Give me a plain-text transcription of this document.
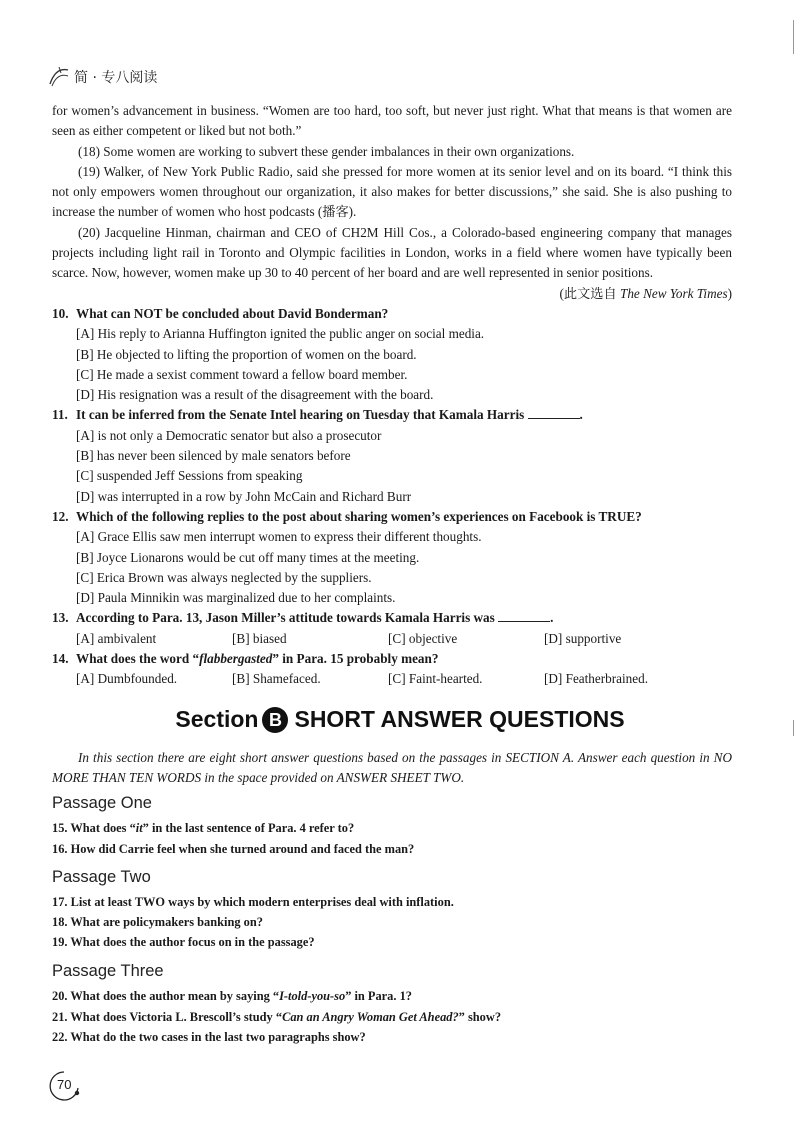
简 · 专八阅读

for women’s advancement in business. “Women are too hard, too soft, but never just right. What that means is that women are seen as either competent or liked but not both.”

(18) Some women are working to subvert these gender imbalances in their own organizations.

(19) Walker, of New York Public Radio, said she pressed for more women at its senior level and on its board. “I think this not only empowers women throughout our organization, it also makes for better discussions,” she said. She is also pushing to increase the number of women who host podcasts (播客).

(20) Jacqueline Hinman, chairman and CEO of CH2M Hill Cos., a Colorado-based engineering company that manages projects including light rail in Toronto and Olympic facilities in London, works in a field where women have typically been scarce. Now, however, women make up 30 to 40 percent of her board and are well represented in senior positions.

(此文选自 The New York Times)

10. What can NOT be concluded about David Bonderman?

[A] His reply to Arianna Huffington ignited the public anger on social media.

[B] He objected to lifting the proportion of women on the board.

[C] He made a sexist comment toward a fellow board member.

[D] His resignation was a result of the disagreement with the board.

11. It can be inferred from the Senate Intel hearing on Tuesday that Kamala Harris	.

[A] is not only a Democratic senator but also a prosecutor

[B] has never been silenced by male senators before

[C] suspended Jeff Sessions from speaking

[D] was interrupted in a row by John McCain and Richard Burr

12. Which of the following replies to the post about sharing women’s experiences on Facebook is TRUE?

[A] Grace Ellis saw men interrupt women to express their different thoughts.

[B] Joyce Lionarons would be cut off many times at the meeting.

[C] Erica Brown was always neglected by the suppliers.

[D] Paula Minnikin was marginalized due to her complaints.

13. According to Para. 13, Jason Miller’s attitude towards Kamala Harris was	.

[A] ambivalent	[B] biased	[C] objective	[D] supportive

14. What does the word “flabbergasted” in Para. 15 probably mean?

[A] Dumbfounded.	[B] Shamefaced.	[C] Faint-hearted.	[D] Featherbrained.
Section B SHORT ANSWER QUESTIONS

In this section there are eight short answer questions based on the passages in SECTION A. Answer each question in NO MORE THAN TEN WORDS in the space provided on ANSWER SHEET TWO.

Passage One

15. What does “it” in the last sentence of Para. 4 refer to?

16. How did Carrie feel when she turned around and faced the man?

Passage Two

17. List at least TWO ways by which modern enterprises deal with inflation.

18. What are policymakers banking on?

19. What does the author focus on in the passage?

Passage Three

20. What does the author mean by saying “I-told-you-so” in Para. 1?

21. What does Victoria L. Brescoll’s study “Can an Angry Woman Get Ahead?” show?

22. What do the two cases in the last two paragraphs show?

70
